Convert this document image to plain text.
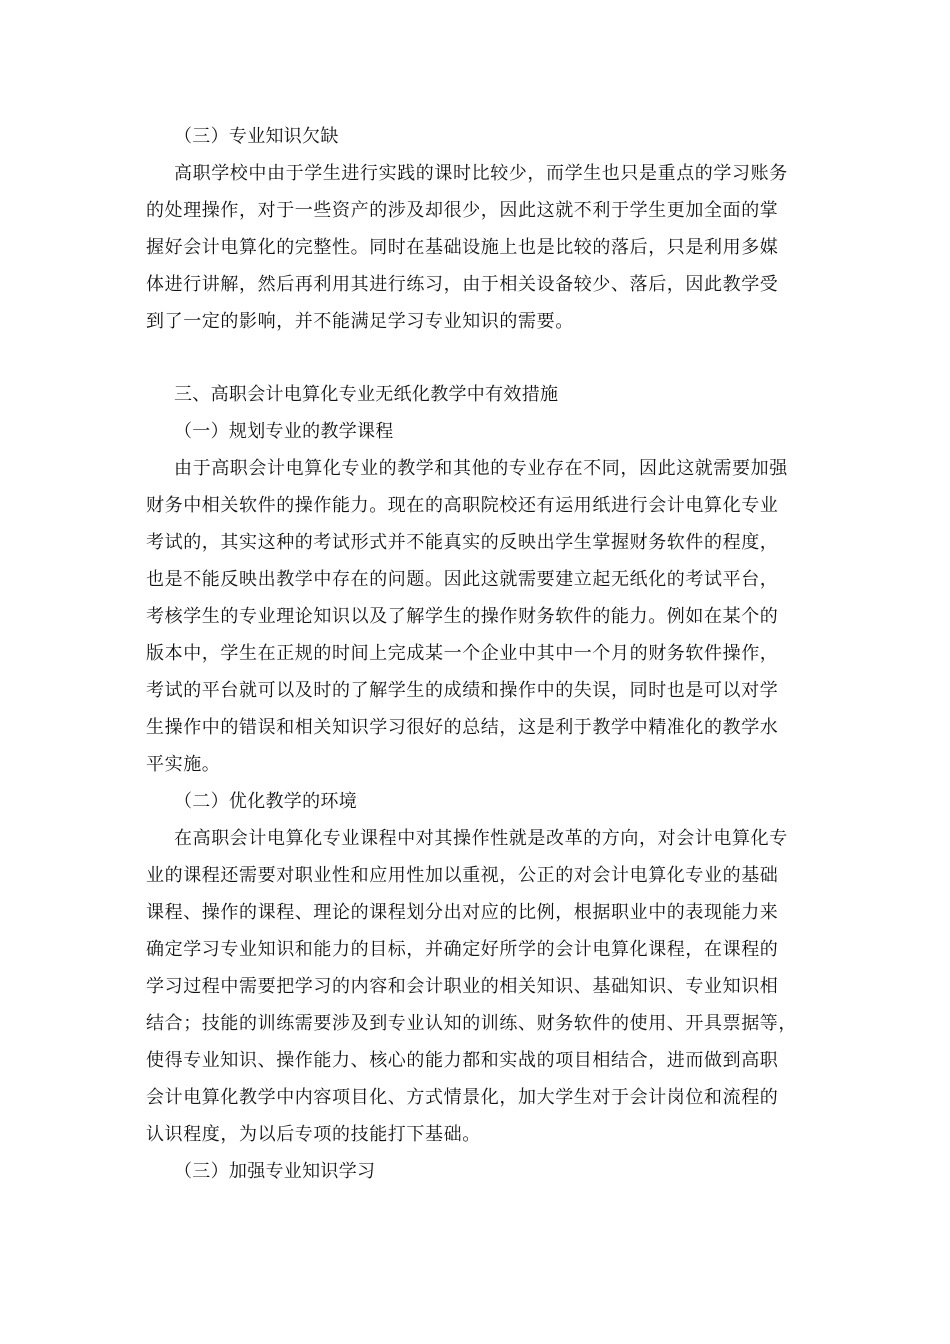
（三）专业知识欠缺
高职学校中由于学生进行实践的课时比较少，而学生也只是重点的学习账务
的处理操作，对于一些资产的涉及却很少，因此这就不利于学生更加全面的掌
握好会计电算化的完整性。同时在基础设施上也是比较的落后，只是利用多媒
体进行讲解，然后再利用其进行练习，由于相关设备较少、落后，因此教学受
到了一定的影响，并不能满足学习专业知识的需要。
三、高职会计电算化专业无纸化教学中有效措施
（一）规划专业的教学课程
由于高职会计电算化专业的教学和其他的专业存在不同，因此这就需要加强
财务中相关软件的操作能力。现在的高职院校还有运用纸进行会计电算化专业
考试的，其实这种的考试形式并不能真实的反映出学生掌握财务软件的程度，
也是不能反映出教学中存在的问题。因此这就需要建立起无纸化的考试平台，
考核学生的专业理论知识以及了解学生的操作财务软件的能力。例如在某个的
版本中，学生在正规的时间上完成某一个企业中其中一个月的财务软件操作，
考试的平台就可以及时的了解学生的成绩和操作中的失误，同时也是可以对学
生操作中的错误和相关知识学习很好的总结，这是利于教学中精准化的教学水
平实施。
（二）优化教学的环境
在高职会计电算化专业课程中对其操作性就是改革的方向，对会计电算化专
业的课程还需要对职业性和应用性加以重视，公正的对会计电算化专业的基础
课程、操作的课程、理论的课程划分出对应的比例，根据职业中的表现能力来
确定学习专业知识和能力的目标，并确定好所学的会计电算化课程，在课程的
学习过程中需要把学习的内容和会计职业的相关知识、基础知识、专业知识相
结合；技能的训练需要涉及到专业认知的训练、财务软件的使用、开具票据等，
使得专业知识、操作能力、核心的能力都和实战的项目相结合，进而做到高职
会计电算化教学中内容项目化、方式情景化，加大学生对于会计岗位和流程的
认识程度，为以后专项的技能打下基础。
（三）加强专业知识学习
